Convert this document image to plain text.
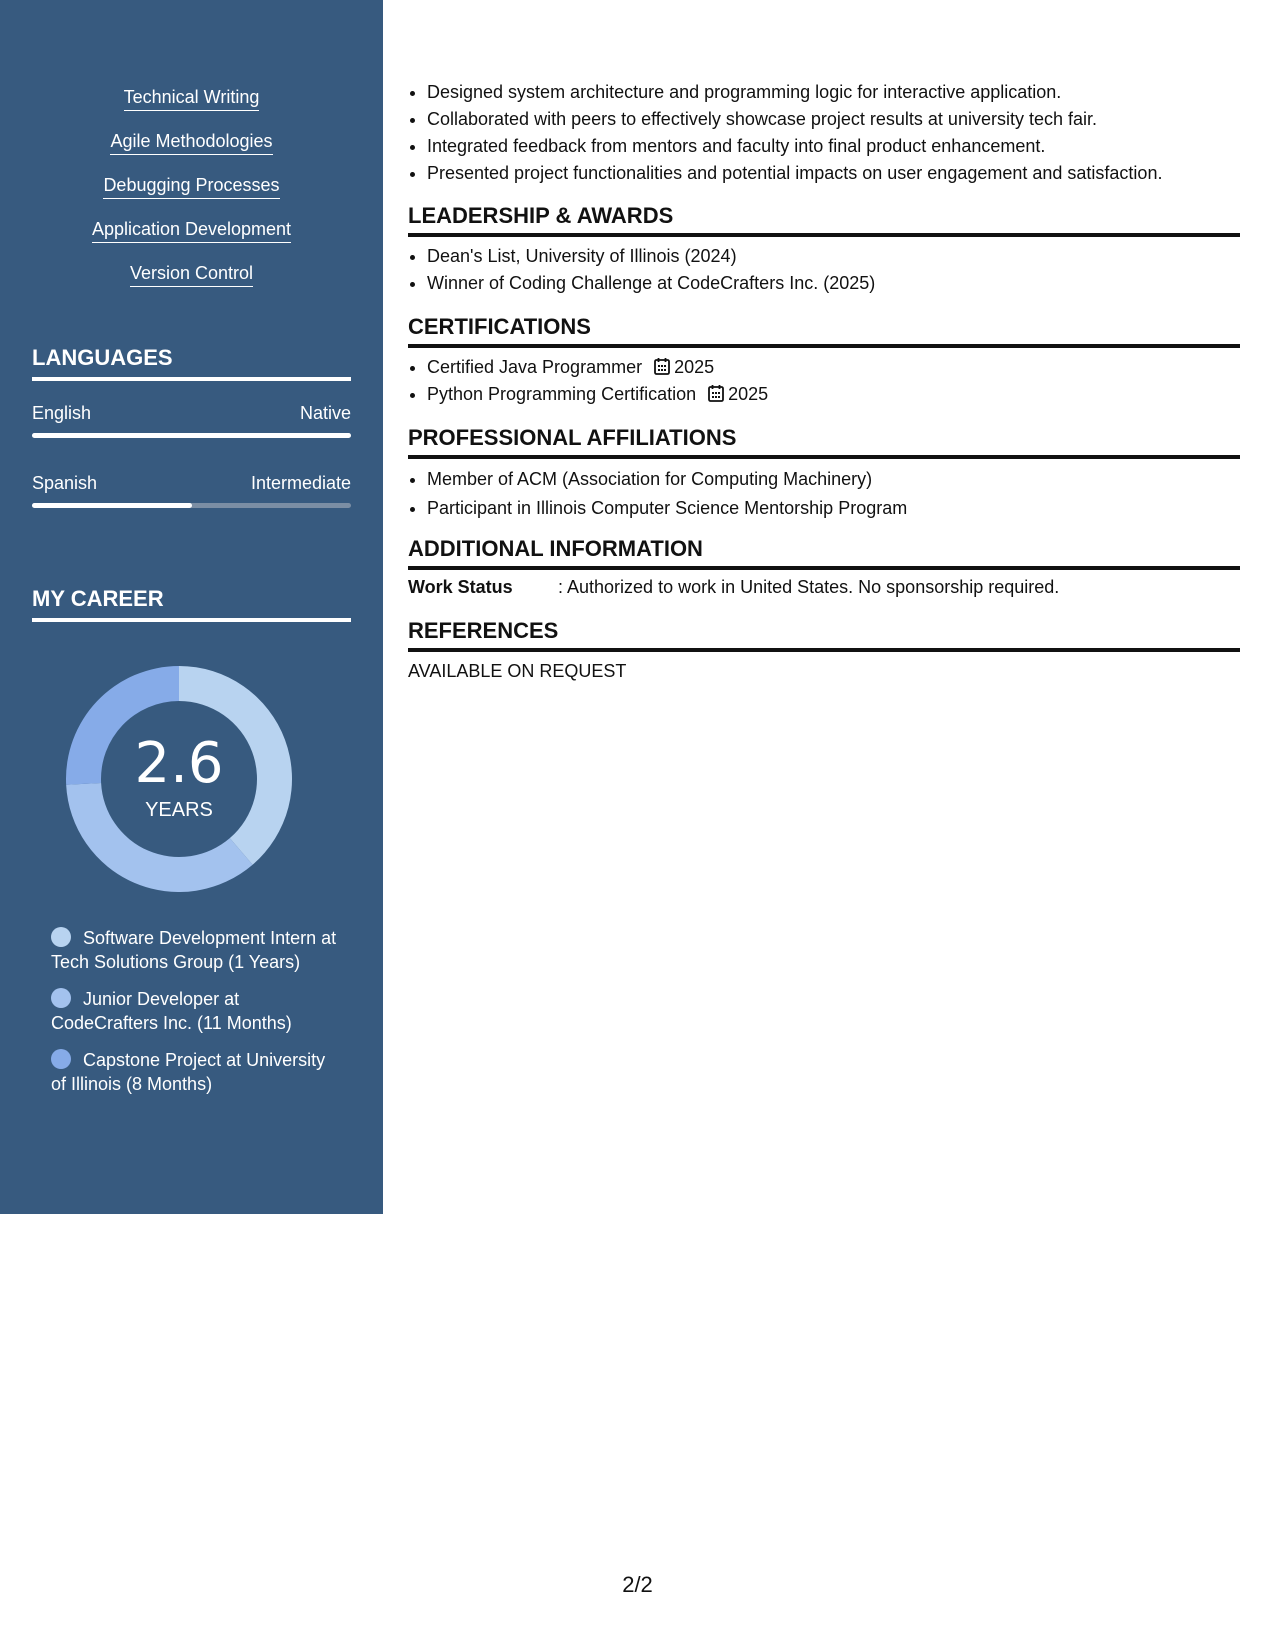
Technical Writing
Agile Methodologies
Debugging Processes
Application Development
Version Control
LANGUAGES
English	Native
Spanish	Intermediate
MY CAREER
2.6
YEARS
Software Development Intern at Tech Solutions Group (1 Years)
Junior Developer at CodeCrafters Inc. (11 Months)
Capstone Project at University of Illinois (8 Months)
• Designed system architecture and programming logic for interactive application.
• Collaborated with peers to effectively showcase project results at university tech fair.
• Integrated feedback from mentors and faculty into final product enhancement.
• Presented project functionalities and potential impacts on user engagement and satisfaction.
LEADERSHIP & AWARDS
• Dean's List, University of Illinois (2024)
• Winner of Coding Challenge at CodeCrafters Inc. (2025)
CERTIFICATIONS
• Certified Java Programmer 2025
• Python Programming Certification 2025
PROFESSIONAL AFFILIATIONS
• Member of ACM (Association for Computing Machinery)
• Participant in Illinois Computer Science Mentorship Program
ADDITIONAL INFORMATION
Work Status	: Authorized to work in United States. No sponsorship required.
REFERENCES
AVAILABLE ON REQUEST
2/2
